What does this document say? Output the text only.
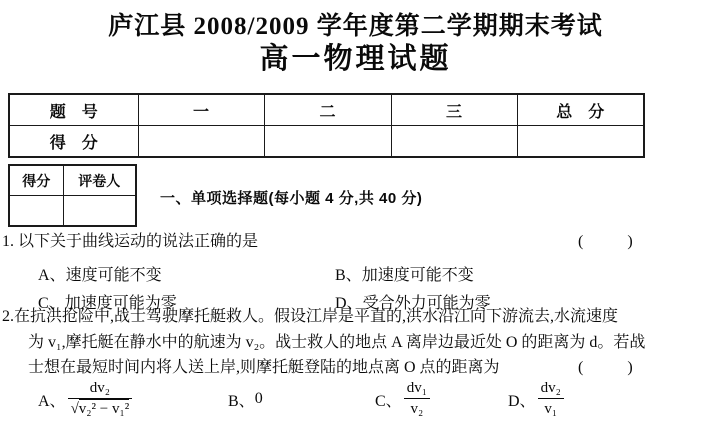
庐江县 2008/2009 学年度第二学期期末考试
高一物理试题
题　号	一	二	三	总　分
得　分				
得分	评卷人

一、单项选择题(每小题 4 分,共 40 分)
1. 以下关于曲线运动的说法正确的是	(	)
A、速度可能不变	B、加速度可能不变
C、加速度可能为零	D、受合外力可能为零
2.在抗洪抢险中,战士驾驶摩托艇救人。假设江岸是平直的,洪水沿江向下游流去,水流速度
为 v₁,摩托艇在静水中的航速为 v₂。战士救人的地点 A 离岸边最近处 O 的距离为 d。若战
士想在最短时间内将人送上岸,则摩托艇登陆的地点离 O 点的距离为	(	)
A、 $\frac{\text{dv₂}}{\text{√v₂² − v₁²}}$	B、 0	C、 $\frac{\text{dv₁}}{\text{v₂}}$	D、 $\frac{\text{dv₂}}{\text{v₁}}$
